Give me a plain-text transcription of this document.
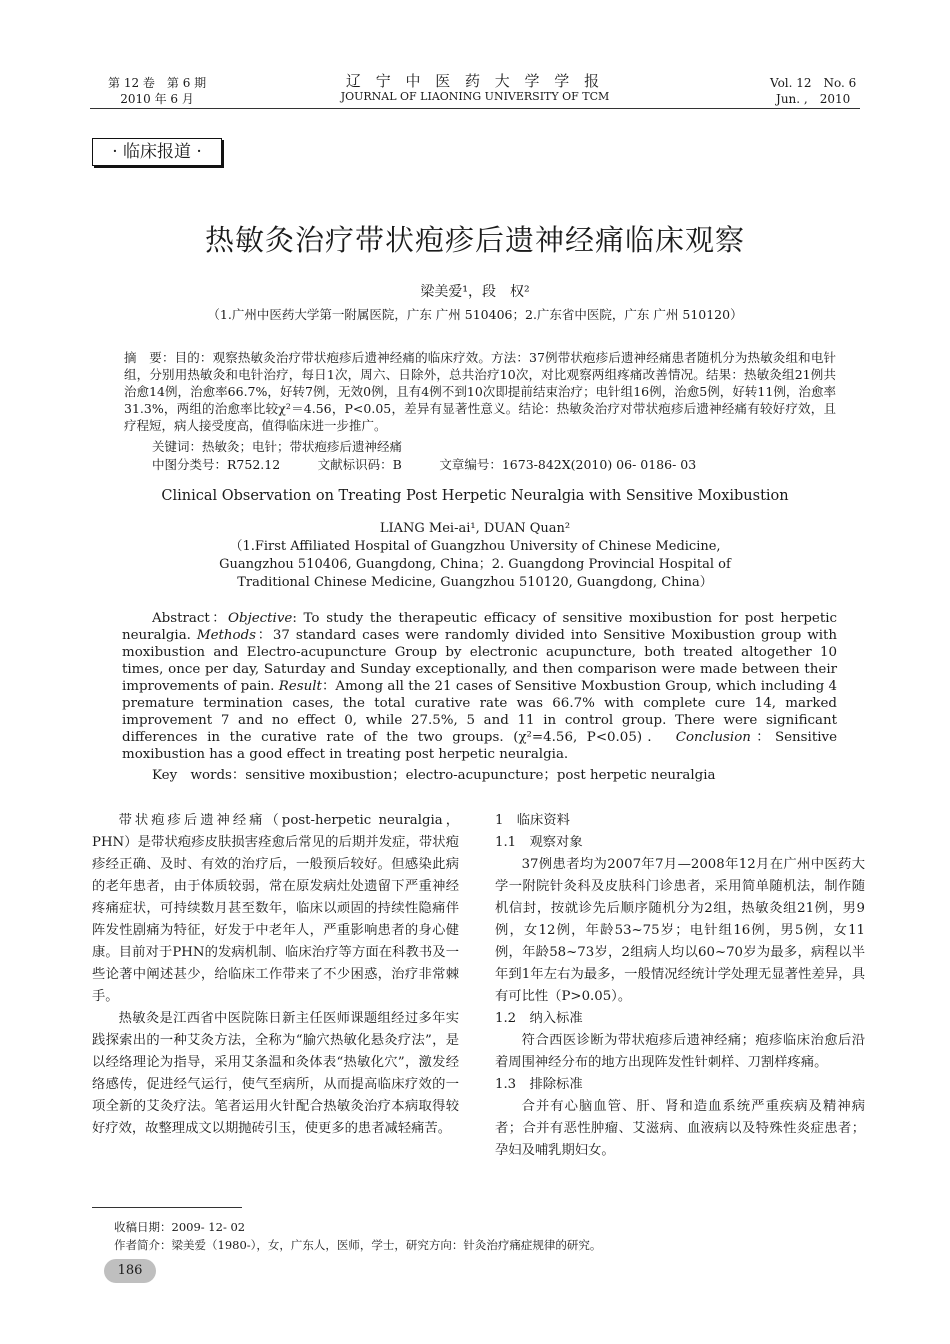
第 12 卷　第 6 期
2010 年 6 月
辽 宁 中 医 药 大 学 学 报
JOURNAL OF LIAONING UNIVERSITY OF TCM
Vol. 12　No. 6
Jun. ,　2010
· 临床报道 ·
热敏灸治疗带状疱疹后遗神经痛临床观察
梁美爱¹，段　权²
（1.广州中医药大学第一附属医院，广东 广州 510406；2.广东省中医院，广东 广州 510120）
摘　要：目的：观察热敏灸治疗带状疱疹后遗神经痛的临床疗效。方法：37例带状疱疹后遗神经痛患者随机分为热敏灸组和电针组，分别用热敏灸和电针治疗，每日1次，周六、日除外，总共治疗10次，对比观察两组疼痛改善情况。结果：热敏灸组21例共治愈14例，治愈率66.7%，好转7例，无效0例，且有4例不到10次即提前结束治疗；电针组16例，治愈5例，好转11例，治愈率31.3%，两组的治愈率比较χ²＝4.56，P<0.05，差异有显著性意义。结论：热敏灸治疗对带状疱疹后遗神经痛有较好疗效，且疗程短，病人接受度高，值得临床进一步推广。
关键词：热敏灸；电针；带状疱疹后遗神经痛
中图分类号：R752.12　　　文献标识码：B　　　文章编号：1673-842X(2010) 06- 0186- 03
Clinical Observation on Treating Post Herpetic Neuralgia with Sensitive Moxibustion
LIANG Mei-ai¹, DUAN Quan²
（1.First Affiliated Hospital of Guangzhou University of Chinese Medicine,
Guangzhou 510406, Guangdong, China；2. Guangdong Provincial Hospital of
Traditional Chinese Medicine, Guangzhou 510120, Guangdong, China）

Abstract：Objective: To study the therapeutic efficacy of sensitive moxibustion for post herpetic neuralgia. Methods：37 standard cases were randomly divided into Sensitive Moxibustion group with moxibustion and Electro-acupuncture Group by electronic acupuncture, both treated altogether 10 times, once per day, Saturday and Sunday exceptionally, and then comparison were made between their improvements of pain. Result：Among all the 21 cases of Sensitive Moxbustion Group, which including 4 premature termination cases, the total curative rate was 66.7% with complete cure 14, marked improvement 7 and no effect 0, while 27.5%, 5 and 11 in control group. There were significant differences in the curative rate of the two groups. (χ²=4.56, P<0.05)． Conclusion：Sensitive moxibustion has a good effect in treating post herpetic neuralgia.

Key　words：sensitive moxibustion；electro-acupuncture；post herpetic neuralgia

带状疱疹后遗神经痛（post-herpetic neuralgia，PHN）是带状疱疹皮肤损害痊愈后常见的后期并发症，带状疱疹经正确、及时、有效的治疗后，一般预后较好。但感染此病的老年患者，由于体质较弱，常在原发病灶处遗留下严重神经疼痛症状，可持续数月甚至数年，临床以顽固的持续性隐痛伴阵发性剧痛为特征，好发于中老年人，严重影响患者的身心健康。目前对于PHN的发病机制、临床治疗等方面在科教书及一些论著中阐述甚少，给临床工作带来了不少困惑，治疗非常棘手。

热敏灸是江西省中医院陈日新主任医师课题组经过多年实践探索出的一种艾灸方法，全称为“腧穴热敏化悬灸疗法”，是以经络理论为指导，采用艾条温和灸体表“热敏化穴”，激发经络感传，促进经气运行，使气至病所，从而提高临床疗效的一项全新的艾灸疗法。笔者运用火针配合热敏灸治疗本病取得较好疗效，故整理成文以期抛砖引玉，使更多的患者减轻痛苦。

1　临床资料

1.1　观察对象

37例患者均为2007年7月—2008年12月在广州中医药大学一附院针灸科及皮肤科门诊患者，采用简单随机法，制作随机信封，按就诊先后顺序随机分为2组，热敏灸组21例，男9例，女12例，年龄53~75岁；电针组16例，男5例，女11例，年龄58~73岁，2组病人均以60~70岁为最多，病程以半年到1年左右为最多，一般情况经统计学处理无显著性差异，具有可比性（P>0.05）。

1.2　纳入标准

符合西医诊断为带状疱疹后遗神经痛；疱疹临床治愈后沿着周围神经分布的地方出现阵发性针刺样、刀割样疼痛。

1.3　排除标准

合并有心脑血管、肝、肾和造血系统严重疾病及精神病者；合并有恶性肿瘤、艾滋病、血液病以及特殊性炎症患者；孕妇及哺乳期妇女。

收稿日期：2009- 12- 02
作者简介：梁美爱（1980-），女，广东人，医师，学士，研究方向：针灸治疗痛症规律的研究。
186
